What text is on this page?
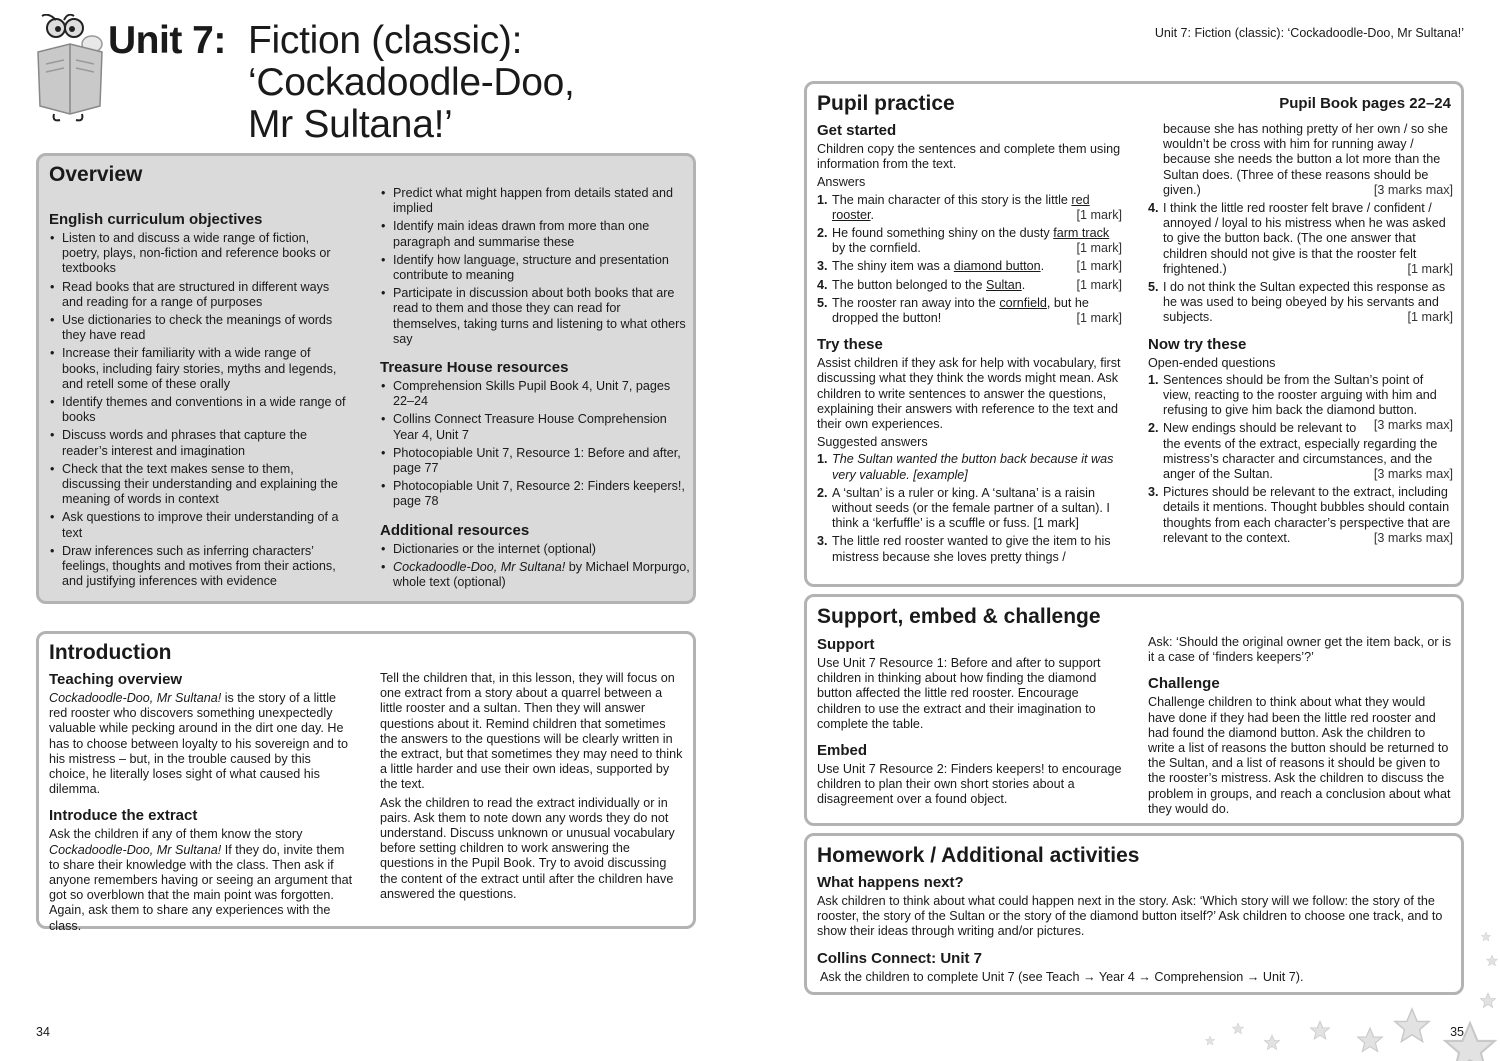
Unit 7: Fiction (classic):
‘Cockadoodle-Doo,
Mr Sultana!’
Unit 7: Fiction (classic): ‘Cockadoodle-Doo, Mr Sultana!’
Overview
English curriculum objectives
• Listen to and discuss a wide range of fiction, poetry, plays, non-fiction and reference books or textbooks
• Read books that are structured in different ways and reading for a range of purposes
• Use dictionaries to check the meanings of words they have read
• Increase their familiarity with a wide range of books, including fairy stories, myths and legends, and retell some of these orally
• Identify themes and conventions in a wide range of books
• Discuss words and phrases that capture the reader’s interest and imagination
• Check that the text makes sense to them, discussing their understanding and explaining the meaning of words in context
• Ask questions to improve their understanding of a text
• Draw inferences such as inferring characters’ feelings, thoughts and motives from their actions, and justifying inferences with evidence
• Predict what might happen from details stated and implied
• Identify main ideas drawn from more than one paragraph and summarise these
• Identify how language, structure and presentation contribute to meaning
• Participate in discussion about both books that are read to them and those they can read for themselves, taking turns and listening to what others say
Treasure House resources
• Comprehension Skills Pupil Book 4, Unit 7, pages 22–24
• Collins Connect Treasure House Comprehension Year 4, Unit 7
• Photocopiable Unit 7, Resource 1: Before and after, page 77
• Photocopiable Unit 7, Resource 2: Finders keepers!, page 78
Additional resources
• Dictionaries or the internet (optional)
• Cockadoodle-Doo, Mr Sultana! by Michael Morpurgo, whole text (optional)
Introduction
Teaching overview

Cockadoodle-Doo, Mr Sultana! is the story of a little red rooster who discovers something unexpectedly valuable while pecking around in the dirt one day. He has to choose between loyalty to his sovereign and to his mistress – but, in the trouble caused by this choice, he literally loses sight of what caused his dilemma.

Introduce the extract

Ask the children if any of them know the story Cockadoodle-Doo, Mr Sultana! If they do, invite them to share their knowledge with the class. Then ask if anyone remembers having or seeing an argument that got so overblown that the main point was forgotten. Again, ask them to share any experiences with the class.

Tell the children that, in this lesson, they will focus on one extract from a story about a quarrel between a little rooster and a sultan. Then they will answer questions about it. Remind children that sometimes the answers to the questions will be clearly written in the extract, but that sometimes they may need to think a little harder and use their own ideas, supported by the text.

Ask the children to read the extract individually or in pairs. Ask them to note down any words they do not understand. Discuss unknown or unusual vocabulary before setting children to work answering the questions in the Pupil Book. Try to avoid discussing the content of the extract until after the children have answered the questions.

Pupil practice	Pupil Book pages 22–24
Get started

Children copy the sentences and complete them using information from the text.

Answers
1. The main character of this story is the little red rooster.	[1 mark]
2. He found something shiny on the dusty farm track by the cornfield.	[1 mark]
3. The shiny item was a diamond button.	[1 mark]
4. The button belonged to the Sultan.	[1 mark]
5. The rooster ran away into the cornfield, but he dropped the button!	[1 mark]
Try these

Assist children if they ask for help with vocabulary, first discussing what they think the words might mean. Ask children to write sentences to answer the questions, explaining their answers with reference to the text and their own experiences.

Suggested answers
1. The Sultan wanted the button back because it was very valuable. [example]
2. A ‘sultan’ is a ruler or king. A ‘sultana’ is a raisin without seeds (or the female partner of a sultan). I think a ‘kerfuffle’ is a scuffle or fuss. [1 mark]
3. The little red rooster wanted to give the item to his mistress because she loves pretty things /
because she has nothing pretty of her own / so she wouldn’t be cross with him for running away / because she needs the button a lot more than the Sultan does. (Three of these reasons should be given.)	[3 marks max]
4. I think the little red rooster felt brave / confident / annoyed / loyal to his mistress when he was asked to give the button back. (The one answer that children should not give is that the rooster felt frightened.)	[1 mark]
5. I do not think the Sultan expected this response as he was used to being obeyed by his servants and subjects.	[1 mark]
Now try these
Open-ended questions
1. Sentences should be from the Sultan’s point of view, reacting to the rooster arguing with him and refusing to give him back the diamond button.
[3 marks max]
2. New endings should be relevant to the events of the extract, especially regarding the mistress’s character and circumstances, and the anger of the Sultan.	[3 marks max]
3. Pictures should be relevant to the extract, including details it mentions. Thought bubbles should contain thoughts from each character’s perspective that are relevant to the context.	[3 marks max]
Support, embed & challenge
Support

Use Unit 7 Resource 1: Before and after to support children in thinking about how finding the diamond button affected the little red rooster. Encourage children to use the extract and their imagination to complete the table.

Embed

Use Unit 7 Resource 2: Finders keepers! to encourage children to plan their own short stories about a disagreement over a found object.

Ask: ‘Should the original owner get the item back, or is it a case of ‘finders keepers’?’

Challenge

Challenge children to think about what they would have done if they had been the little red rooster and had found the diamond button. Ask the children to write a list of reasons the button should be returned to the Sultan, and a list of reasons it should be given to the rooster’s mistress. Ask the children to discuss the problem in groups, and reach a conclusion about what they would do.

Homework / Additional activities
What happens next?

Ask children to think about what could happen next in the story. Ask: ‘Which story will we follow: the story of the rooster, the story of the Sultan or the story of the diamond button itself?’ Ask children to choose one track, and to show their ideas through writing and/or pictures.

Collins Connect: Unit 7

Ask the children to complete Unit 7 (see Teach → Year 4 → Comprehension → Unit 7).

34	35
